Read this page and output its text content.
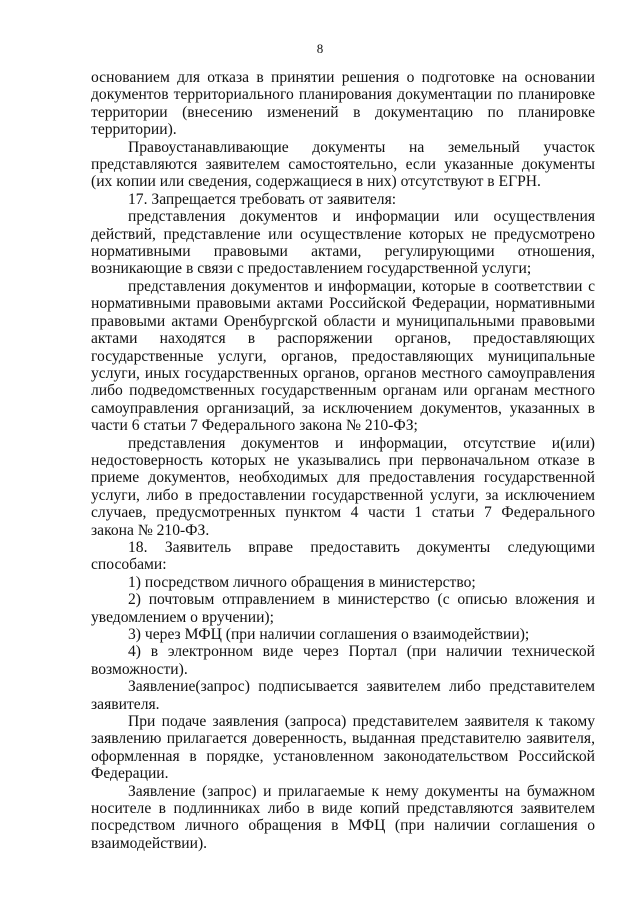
8

основанием для отказа в принятии решения о подготовке на основании документов территориального планирования документации по планировке территории (внесению изменений в документацию по планировке территории).

Правоустанавливающие документы на земельный участок представляются заявителем самостоятельно, если указанные документы (их копии или сведения, содержащиеся в них) отсутствуют в ЕГРН.

17. Запрещается требовать от заявителя:

представления документов и информации или осуществления действий, представление или осуществление которых не предусмотрено нормативными правовыми актами, регулирующими отношения, возникающие в связи с предоставлением государственной услуги;

представления документов и информации, которые в соответствии с нормативными правовыми актами Российской Федерации, нормативными правовыми актами Оренбургской области и муниципальными правовыми актами находятся в распоряжении органов, предоставляющих государственные услуги, органов, предоставляющих муниципальные услуги, иных государственных органов, органов местного самоуправления либо подведомственных государственным органам или органам местного самоуправления организаций, за исключением документов, указанных в части 6 статьи 7 Федерального закона № 210-ФЗ;

представления документов и информации, отсутствие и(или) недостоверность которых не указывались при первоначальном отказе в приеме документов, необходимых для предоставления государственной услуги, либо в предоставлении государственной услуги, за исключением случаев, предусмотренных пунктом 4 части 1 статьи 7 Федерального закона № 210-ФЗ.

18. Заявитель вправе предоставить документы следующими способами:

1) посредством личного обращения в министерство;

2) почтовым отправлением в министерство (с описью вложения и уведомлением о вручении);

3) через МФЦ (при наличии соглашения о взаимодействии);

4) в электронном виде через Портал (при наличии технической возможности).

Заявление(запрос) подписывается заявителем либо представителем заявителя.

При подаче заявления (запроса) представителем заявителя к такому заявлению прилагается доверенность, выданная представителю заявителя, оформленная в порядке, установленном законодательством Российской Федерации.

Заявление (запрос) и прилагаемые к нему документы на бумажном носителе в подлинниках либо в виде копий представляются заявителем посредством личного обращения в МФЦ (при наличии соглашения о взаимодействии).
